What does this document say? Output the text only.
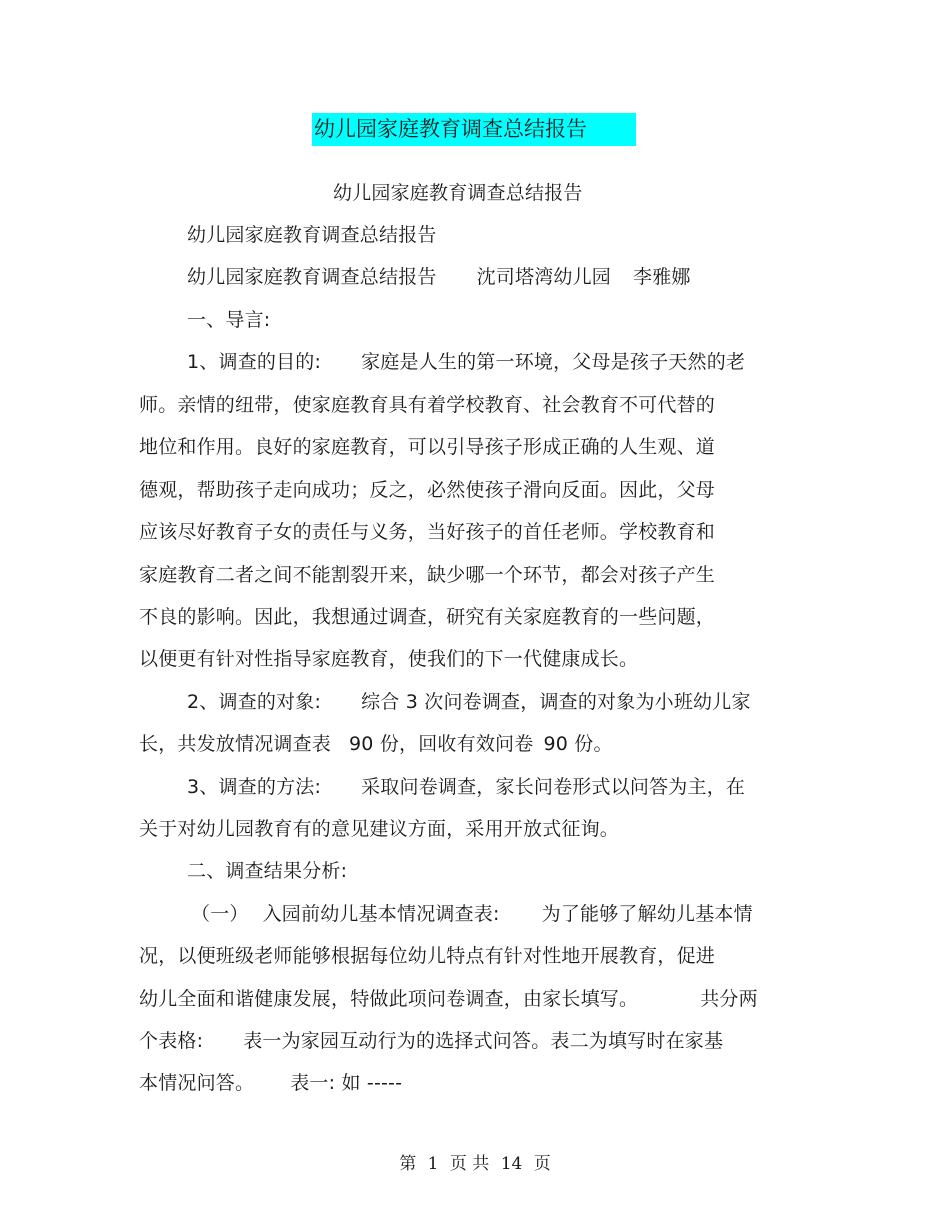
幼儿园家庭教育调查总结报告
幼儿园家庭教育调查总结报告
幼儿园家庭教育调查总结报告
幼儿园家庭教育调查总结报告 沈司塔湾幼儿园 李雅娜
一、导言:
1、调查的目的: 家庭是人生的第一环境，父母是孩子天然的老
师。亲情的纽带，使家庭教育具有着学校教育、社会教育不可代替的
地位和作用。良好的家庭教育，可以引导孩子形成正确的人生观、道
德观，帮助孩子走向成功；反之，必然使孩子滑向反面。因此，父母
应该尽好教育子女的责任与义务，当好孩子的首任老师。学校教育和
家庭教育二者之间不能割裂开来，缺少哪一个环节，都会对孩子产生
不良的影响。因此，我想通过调查，研究有关家庭教育的一些问题，
以便更有针对性指导家庭教育，使我们的下一代健康成长。
2、调查的对象: 综合 3 次问卷调查，调查的对象为小班幼儿家
长，共发放情况调查表 90 份，回收有效问卷 90 份。
3、调查的方法: 采取问卷调查，家长问卷形式以问答为主，在
关于对幼儿园教育有的意见建议方面，采用开放式征询。
二、调查结果分析:
（一） 入园前幼儿基本情况调查表: 为了能够了解幼儿基本情
况，以便班级老师能够根据每位幼儿特点有针对性地开展教育，促进
幼儿全面和谐健康发展，特做此项问卷调查，由家长填写。	共分两
个表格: 表一为家园互动行为的选择式问答。表二为填写时在家基
本情况问答。 表一: 如 -----
第 1 页 共 14 页
